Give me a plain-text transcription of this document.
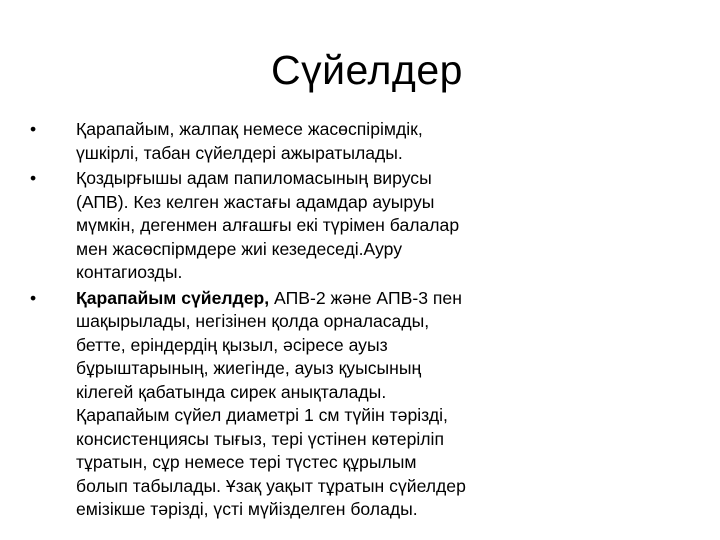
Сүйелдер
• Қарапайым, жалпақ немесе жасөспірімдік,
үшкірлі, табан сүйелдері ажыратылады.
• Қоздырғышы адам папиломасының вирусы
(АПВ). Кез келген жастағы адамдар ауыруы
мүмкін, дегенмен алғашғы екі түрімен балалар
мен жасөспірмдере жиі кезедеседі.Ауру
контагиозды.
• Қарапайым сүйелдер, АПВ-2 және АПВ-3 пен
шақырылады, негізінен қолда орналасады,
бетте, еріндердің қызыл, әсіресе ауыз
бұрыштарының, жиегінде, ауыз қуысының
кілегей қабатында сирек анықталады.
Қарапайым сүйел диаметрі 1 см түйін тәрізді,
консистенциясы тығыз, тері үстінен көтеріліп
тұратын, сұр немесе тері түстес құрылым
болып табылады. Ұзақ уақыт тұратын сүйелдер
емізікше тәрізді, үсті мүйізделген болады.
